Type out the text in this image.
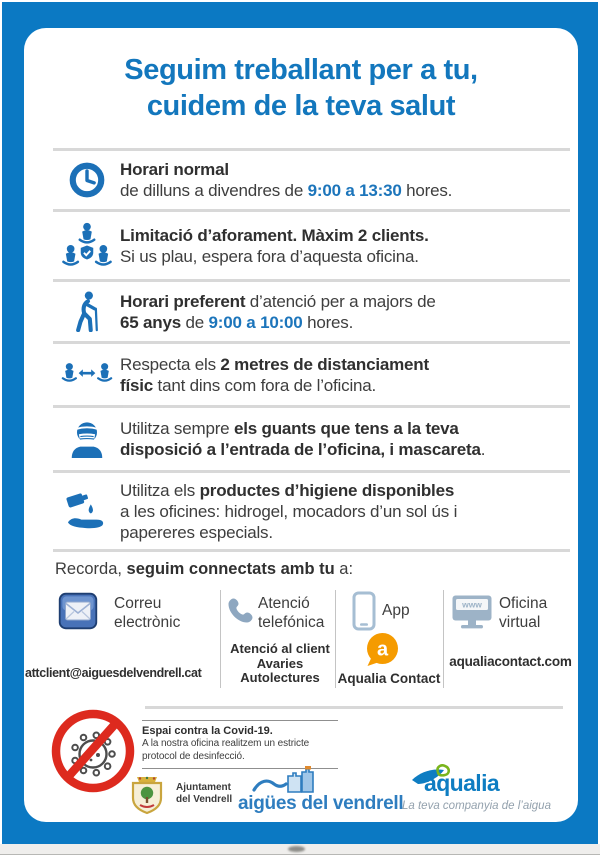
Seguim treballant per a tu,
cuidem de la teva salut
Horari normal
de dilluns a divendres de 9:00 a 13:30 hores.
Limitació d’aforament. Màxim 2 clients.
Si us plau, espera fora d’aquesta oficina.
Horari preferent d’atenció per a majors de
65 anys de 9:00 a 10:00 hores.
Respecta els 2 metres de distanciament
físic tant dins com fora de l’oficina.
Utilitza sempre els guants que tens a la teva
disposició a l’entrada de l’oficina, i mascareta.
Utilitza els productes d’higiene disponibles
a les oficines: hidrogel, mocadors d’un sol ús i
papereres especials.
Recorda, seguim connectats amb tu a:
Correu
electrònic
attclient@aiguesdelvendrell.cat
Atenció
telefónica
Atenció al client
Avaries
Autolectures
App
a
Aqualia Contact
www Oficina
virtual
aqualiacontact.com
Espai contra la Covid-19.
A la nostra oficina realitzem un estricte
protocol de desinfecció.
Ajuntament
del Vendrell aigües del vendrell
aqualia
La teva companyia de l’aigua
